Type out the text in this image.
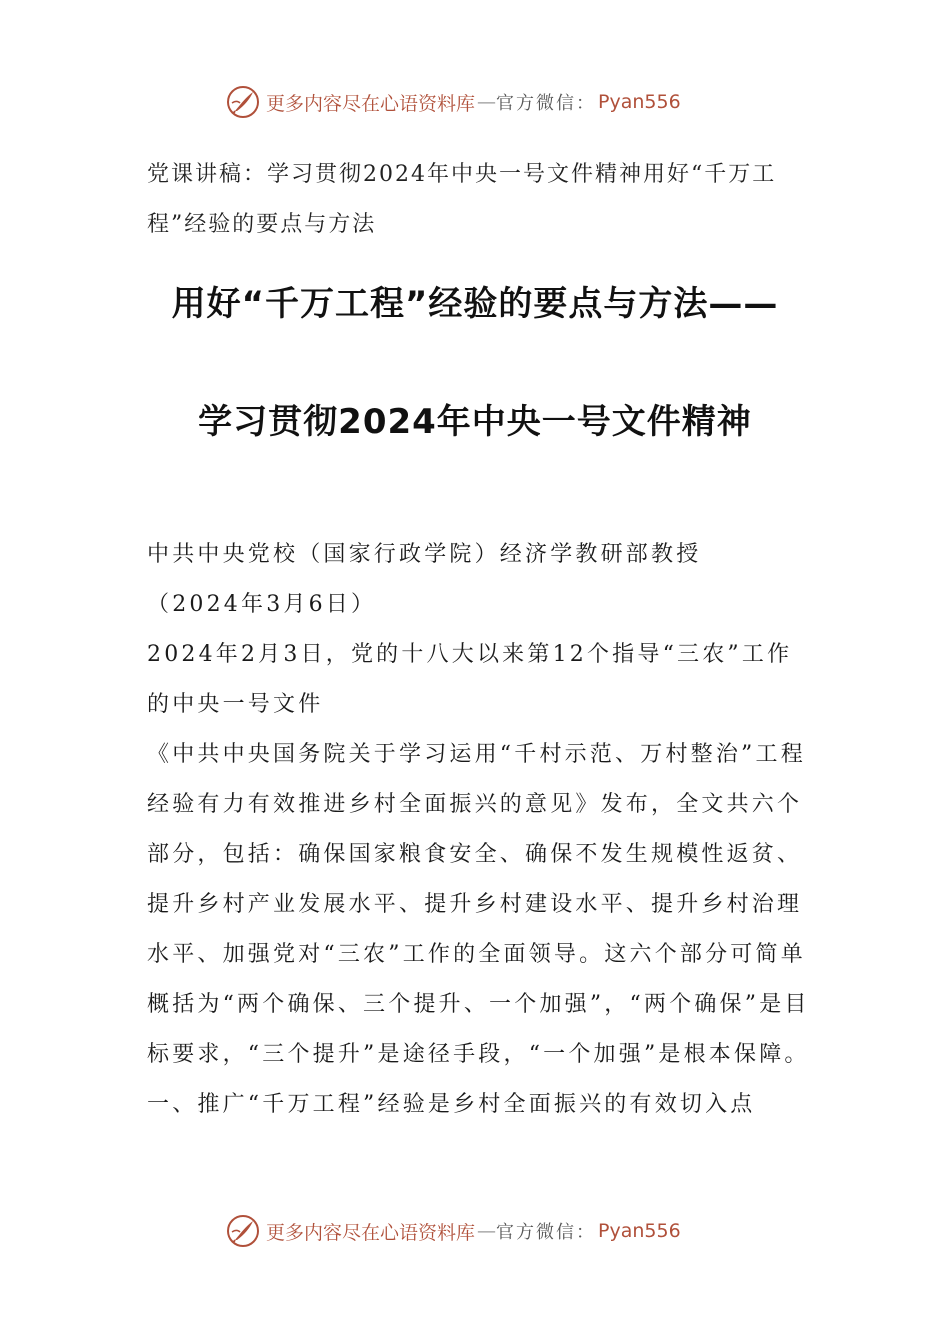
更多内容尽在心语资料库 — 官方微信： Pyan556

党课讲稿：学习贯彻2024年中央一号文件精神用好“千万工程”经验的要点与方法

用好“千万工程”经验的要点与方法——
学习贯彻2024年中央一号文件精神

中共中央党校（国家行政学院）经济学教研部教授

（2024年3月6日）

2024年2月3日，党的十八大以来第12个指导“三农”工作的中央一号文件

《中共中央国务院关于学习运用“千村示范、万村整治”工程经验有力有效推进乡村全面振兴的意见》发布，全文共六个部分，包括：确保国家粮食安全、确保不发生规模性返贫、提升乡村产业发展水平、提升乡村建设水平、提升乡村治理水平、加强党对“三农”工作的全面领导。这六个部分可简单概括为“两个确保、三个提升、一个加强”，“两个确保”是目标要求，“三个提升”是途径手段，“一个加强”是根本保障。

一、推广“千万工程”经验是乡村全面振兴的有效切入点

更多内容尽在心语资料库 — 官方微信： Pyan556
